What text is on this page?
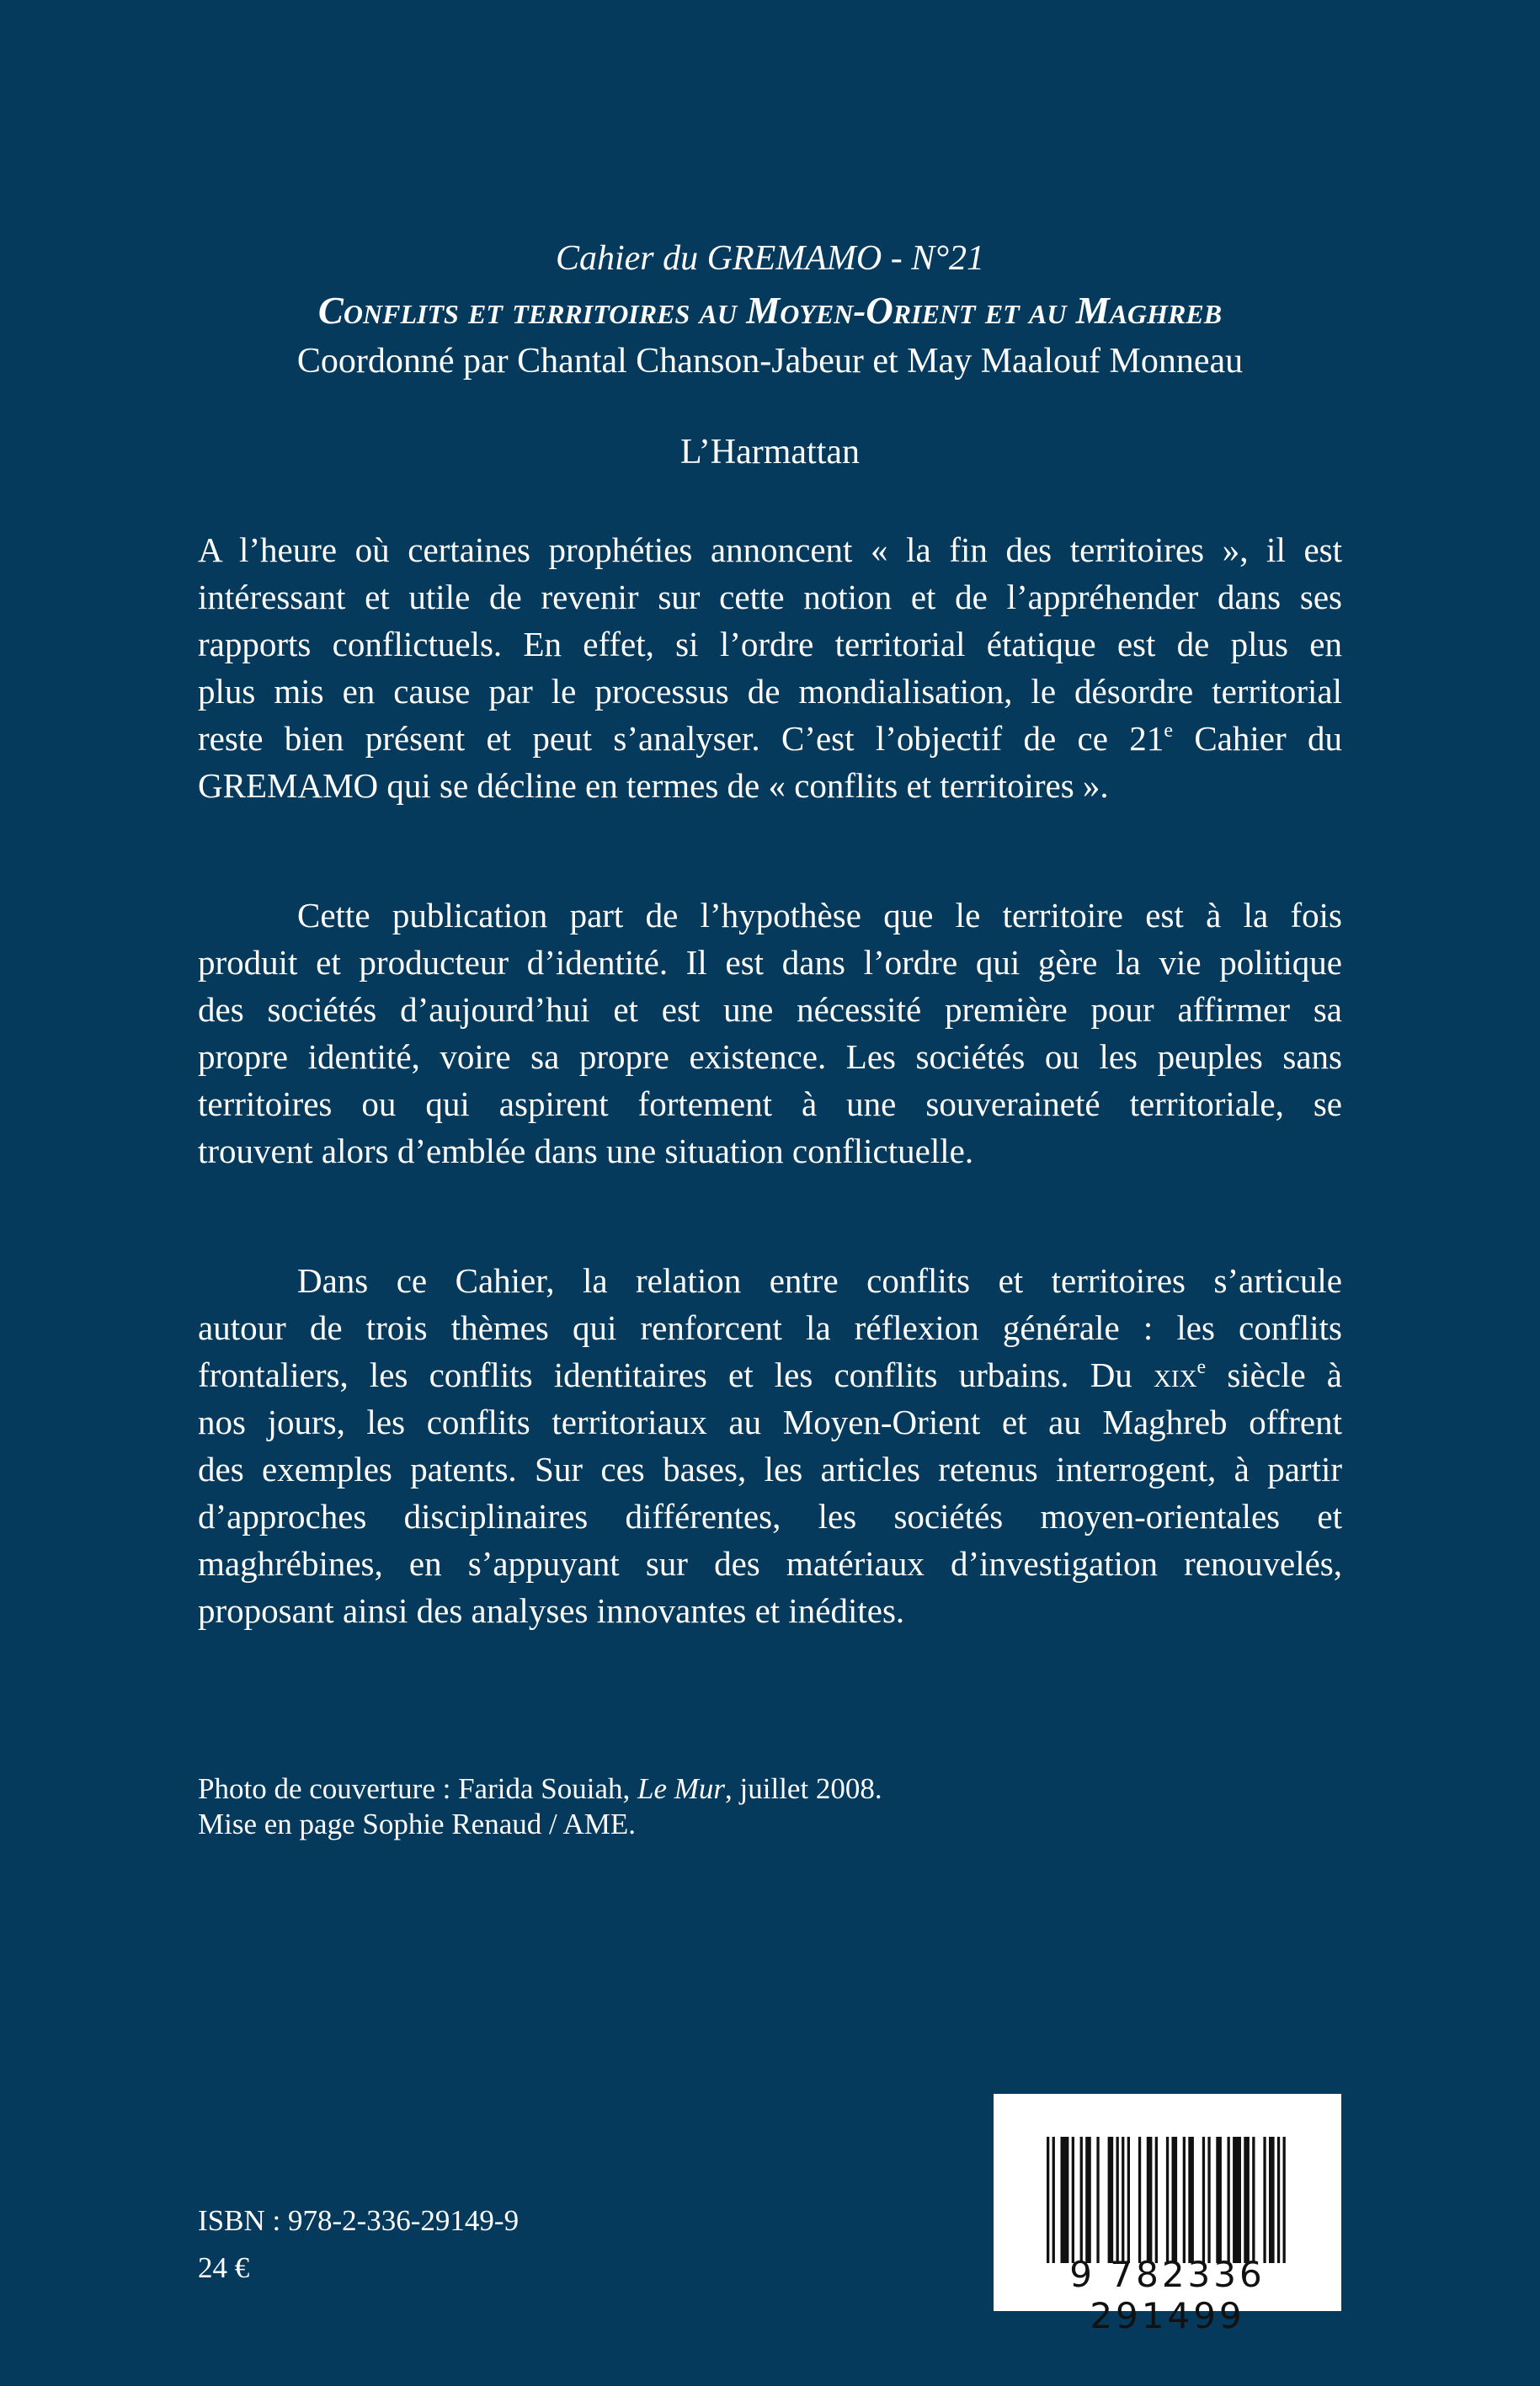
Cahier du GREMAMO - N°21
Conflits et territoires au Moyen-Orient et au Maghreb
Coordonné par Chantal Chanson-Jabeur et May Maalouf Monneau
L’Harmattan
A l’heure où certaines prophéties annoncent « la fin des territoires », il est
intéressant et utile de revenir sur cette notion et de l’appréhender dans ses
rapports conflictuels. En effet, si l’ordre territorial étatique est de plus en
plus mis en cause par le processus de mondialisation, le désordre territorial
reste bien présent et peut s’analyser. C’est l’objectif de ce 21e Cahier du
GREMAMO qui se décline en termes de « conflits et territoires ».
Cette publication part de l’hypothèse que le territoire est à la fois
produit et producteur d’identité. Il est dans l’ordre qui gère la vie politique
des sociétés d’aujourd’hui et est une nécessité première pour affirmer sa
propre identité, voire sa propre existence. Les sociétés ou les peuples sans
territoires ou qui aspirent fortement à une souveraineté territoriale, se
trouvent alors d’emblée dans une situation conflictuelle.
Dans ce Cahier, la relation entre conflits et territoires s’articule
autour de trois thèmes qui renforcent la réflexion générale : les conflits
frontaliers, les conflits identitaires et les conflits urbains. Du xix$^e$ siècle à
nos jours, les conflits territoriaux au Moyen-Orient et au Maghreb offrent
des exemples patents. Sur ces bases, les articles retenus interrogent, à partir
d’approches disciplinaires différentes, les sociétés moyen-orientales et
maghrébines, en s’appuyant sur des matériaux d’investigation renouvelés,
proposant ainsi des analyses innovantes et inédites.
Photo de couverture : Farida Souiah, Le Mur, juillet 2008.
Mise en page Sophie Renaud / AME.
ISBN : 978-2-336-29149-9
24 €	9 782336 291499
